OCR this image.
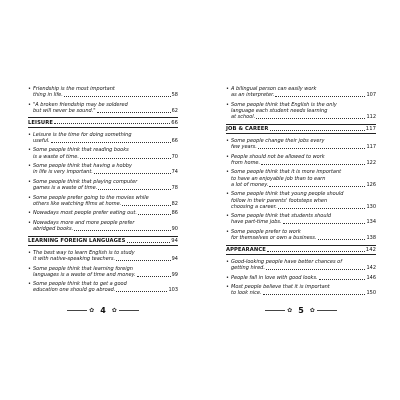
• Friendship is the most important
thing in life.	58
• "A broken friendship may be soldered
but will never be sound."	62
LEISURE	66
• Leisure is the time for doing something
useful.	66
• Some people think that reading books
is a waste of time.	70
• Some people think that having a hobby
in life is very important.	74
• Some people think that playing computer
games is a waste of time.	78
• Some people prefer going to the movies while
others like watching films at home.	82
• Nowadays most people prefer eating out.	86
• Nowadays more and more people prefer
abridged books.	90
LEARNING FOREIGN LANGUAGES	94
• The best way to learn English is to study
it with native-speaking teachers.	94
• Some people think that learning foreign
languages is a waste of time and money.	99
• Some people think that to get a good
education one should go abroad.	103
• A bilingual person can easily work
as an interpreter.	107
• Some people think that English is the only
language each student needs learning
at school.	112
JOB & CAREER	117
• Some people change their jobs every
few years.	117
• People should not be allowed to work
from home.	122
• Some people think that it is more important
to have an enjoyable job than to earn
a lot of money.	126
• Some people think that young people should
follow in their parents' footsteps when
choosing a career.	130
• Some people think that students should
have part-time jobs.	134
• Some people prefer to work
for themselves or own a business.	138
APPEARANCE	142
• Good-looking people have better chances of
getting hired.	142
• People fall in love with good looks.	146
• Most people believe that it is important
to look nice.	150
✿ 4 ✿	✿ 5 ✿
